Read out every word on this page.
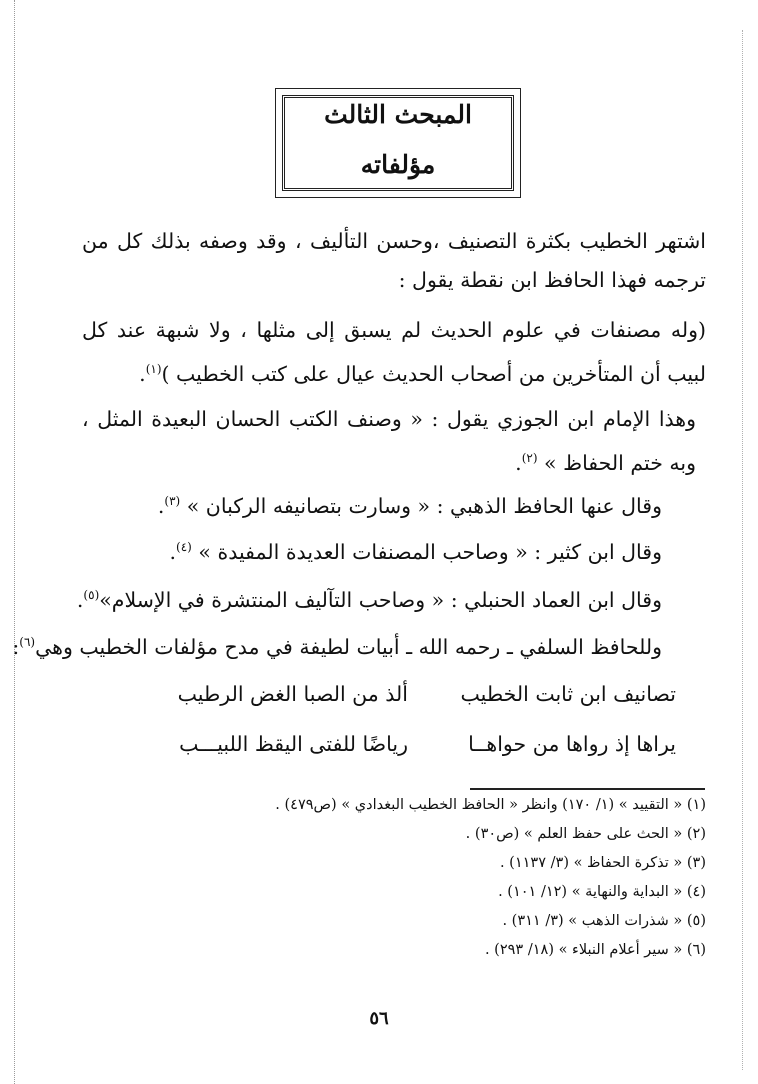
المبحث الثالث
مؤلفاته

اشتهر الخطيب بكثرة التصنيف ،وحسن التأليف ، وقد وصفه بذلك كل من ترجمه فهذا الحافظ ابن نقطة يقول :

(وله مصنفات في علوم الحديث لم يسبق إلى مثلها ، ولا شبهة عند كل لبيب أن المتأخرين من أصحاب الحديث عيال على كتب الخطيب )$^{(١)}$.

وهذا الإمام ابن الجوزي يقول : « وصنف الكتب الحسان البعيدة المثل ، وبه ختم الحفاظ » $^{(٢)}$.

وقال عنها الحافظ الذهبي : « وسارت بتصانيفه الركبان » $^{(٣)}$.
وقال ابن كثير : « وصاحب المصنفات العديدة المفيدة » $^{(٤)}$.
وقال ابن العماد الحنبلي : « وصاحب التآليف المنتشرة في الإسلام»$^{(٥)}$.
وللحافظ السلفي ـ رحمه الله ـ أبيات لطيفة في مدح مؤلفات الخطيب وهي$^{(٦)}$:
تصانيف ابن ثابت الخطيب
ألذ من الصبا الغض الرطيب
يراها إذ رواها من حواهــا
رياضًا للفتى اليقظ اللبيـــب
(١) « التقييد » (١/ ١٧٠) وانظر « الحافظ الخطيب البغدادي » (ص٤٧٩) .
(٢) « الحث على حفظ العلم » (ص٣٠) .
(٣) « تذكرة الحفاظ » (٣/ ١١٣٧) .
(٤) « البداية والنهاية » (١٢/ ١٠١) .
(٥) « شذرات الذهب » (٣/ ٣١١) .
(٦) « سير أعلام النبلاء » (١٨/ ٢٩٣) .
٥٦
